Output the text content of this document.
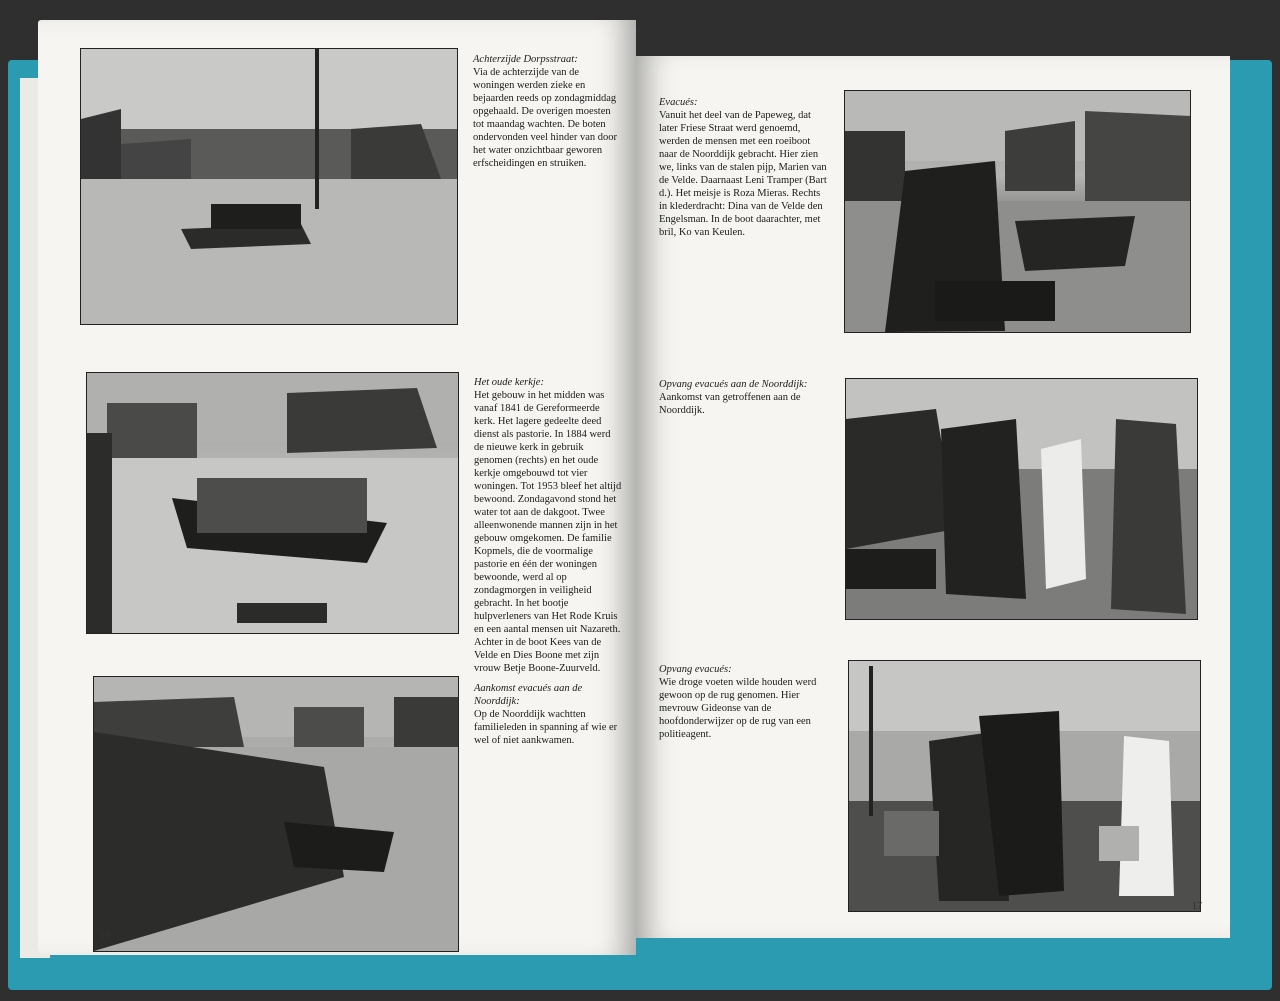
Achterzijde Dorpsstraat:
Via de achterzijde van de woningen werden zieke en bejaarden reeds op zondagmiddag opgehaald. De overigen moesten tot maandag wachten. De boten ondervonden veel hinder van door het water onzichtbaar geworen erfscheidingen en struiken.
Het oude kerkje:
Het gebouw in het midden was vanaf 1841 de Gereformeerde kerk. Het lagere gedeelte deed dienst als pastorie. In 1884 werd de nieuwe kerk in gebruik genomen (rechts) en het oude kerkje omgebouwd tot vier woningen. Tot 1953 bleef het altijd bewoond. Zondagavond stond het water tot aan de dakgoot. Twee alleenwonende mannen zijn in het gebouw omgekomen. De familie Kopmels, die de voormalige pastorie en één der woningen bewoonde, werd al op zondagmorgen in veiligheid gebracht. In het bootje hulpverleners van Het Rode Kruis en een aantal mensen uit Nazareth. Achter in de boot Kees van de Velde en Dies Boone met zijn vrouw Betje Boone-Zuurveld.
Aankomst evacués aan de Noorddijk:
Op de Noorddijk wachtten familieleden in spanning af wie er wel of niet aankwamen.
16
Evacués:
Vanuit het deel van de Papeweg, dat later Friese Straat werd genoemd, werden de mensen met een roeiboot naar de Noorddijk gebracht. Hier zien we, links van de stalen pijp, Marien van de Velde. Daarnaast Leni Tramper (Bart d.). Het meisje is Roza Mieras. Rechts in klederdracht: Dina van de Velde den Engelsman. In de boot daarachter, met bril, Ko van Keulen.
Opvang evacués aan de Noorddijk:
Aankomst van getroffenen aan de Noorddijk.
Opvang evacués:
Wie droge voeten wilde houden werd gewoon op de rug genomen. Hier mevrouw Gideonse van de hoofdonderwijzer op de rug van een politieagent.
17
